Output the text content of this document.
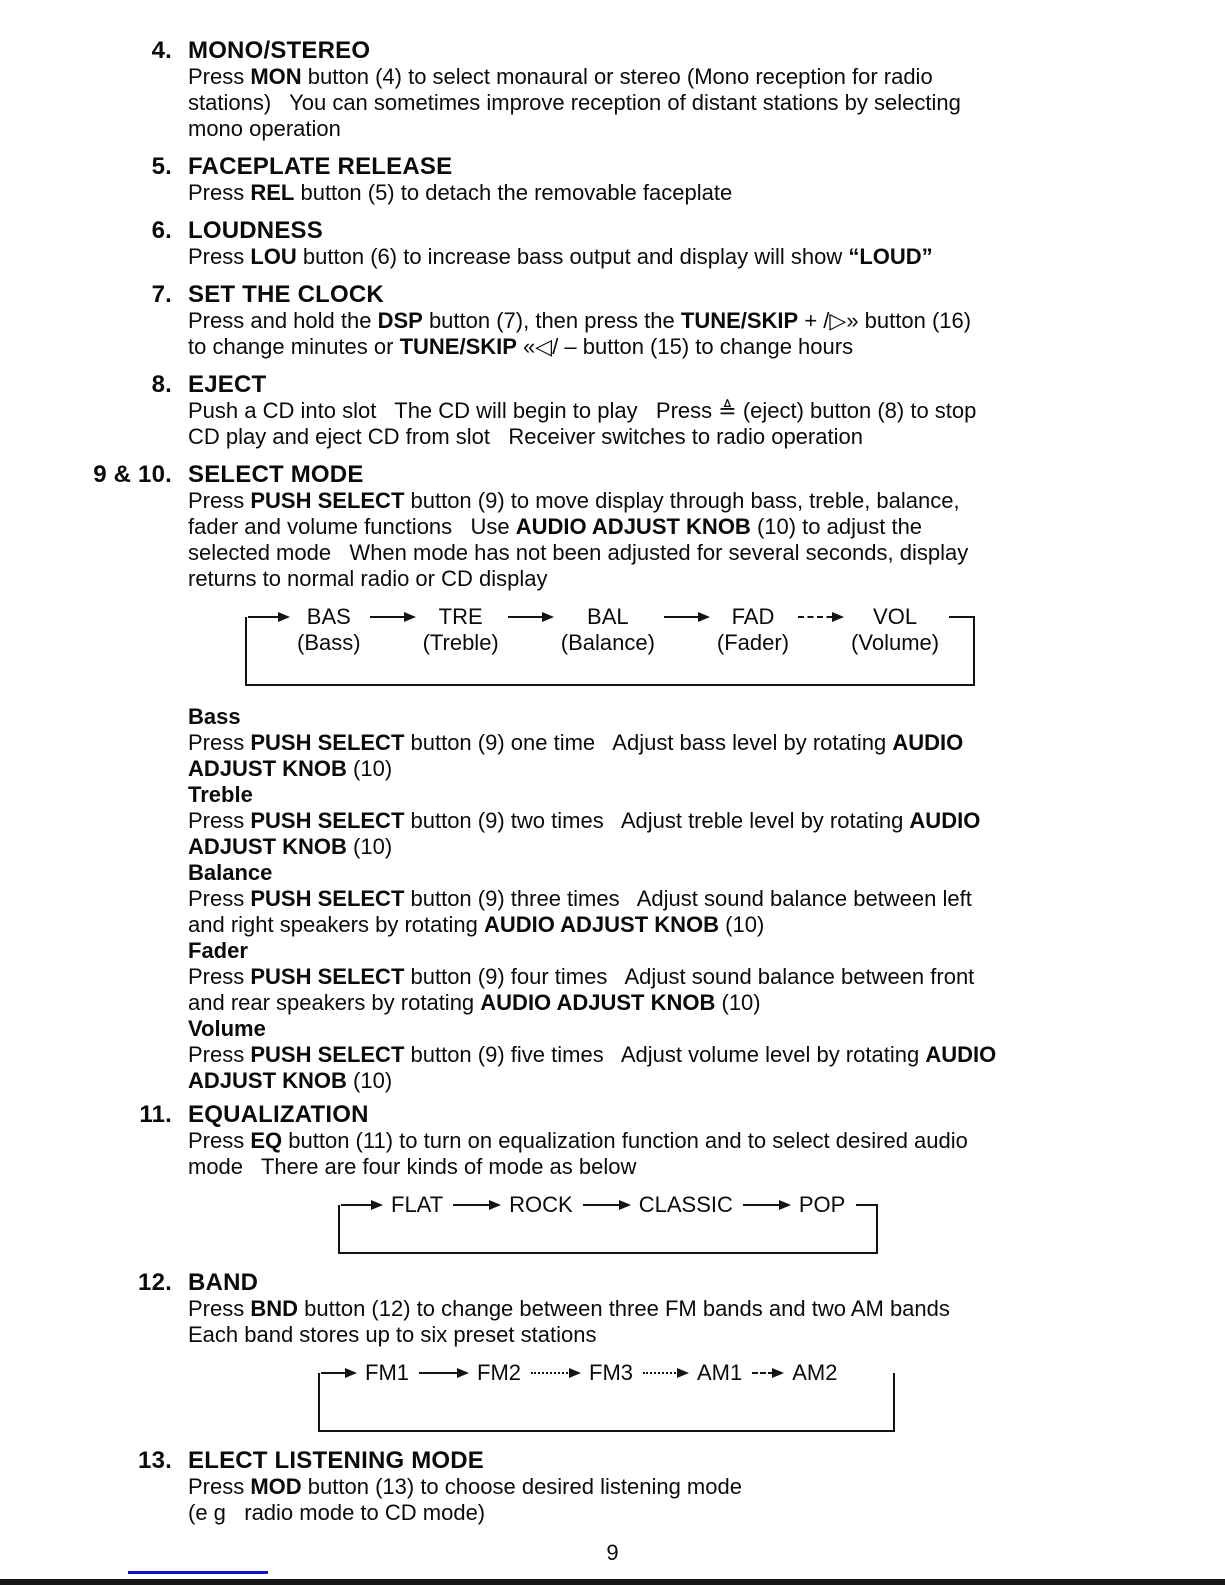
4. MONO/STEREO
Press MON button (4) to select monaural or stereo (Mono reception for radio
stations)   You can sometimes improve reception of distant stations by selecting
mono operation
5. FACEPLATE RELEASE
Press REL button (5) to detach the removable faceplate
6. LOUDNESS
Press LOU button (6) to increase bass output and display will show “LOUD”
7. SET THE CLOCK
Press and hold the DSP button (7), then press the TUNE/SKIP + /▷» button (16)
to change minutes or TUNE/SKIP «◁/ – button (15) to change hours
8. EJECT
Push a CD into slot   The CD will begin to play   Press ≜ (eject) button (8) to stop
CD play and eject CD from slot   Receiver switches to radio operation
9 & 10. SELECT MODE
Press PUSH SELECT button (9) to move display through bass, treble, balance,
fader and volume functions   Use AUDIO ADJUST KNOB (10) to adjust the
selected mode   When mode has not been adjusted for several seconds, display
returns to normal radio or CD display
BAS
(Bass)
TRE
(Treble)
BAL
(Balance)
FAD
(Fader)
VOL
(Volume)
Bass
Press PUSH SELECT button (9) one time   Adjust bass level by rotating AUDIO
ADJUST KNOB (10)
Treble
Press PUSH SELECT button (9) two times   Adjust treble level by rotating AUDIO
ADJUST KNOB (10)
Balance
Press PUSH SELECT button (9) three times   Adjust sound balance between left
and right speakers by rotating AUDIO ADJUST KNOB (10)
Fader
Press PUSH SELECT button (9) four times   Adjust sound balance between front
and rear speakers by rotating AUDIO ADJUST KNOB (10)
Volume
Press PUSH SELECT button (9) five times   Adjust volume level by rotating AUDIO
ADJUST KNOB (10)
11. EQUALIZATION
Press EQ button (11) to turn on equalization function and to select desired audio
mode   There are four kinds of mode as below
FLAT	ROCK	CLASSIC	POP
12. BAND
Press BND button (12) to change between three FM bands and two AM bands
Each band stores up to six preset stations
FM1	FM2	FM3	AM1	AM2
13. ELECT LISTENING MODE
Press MOD button (13) to choose desired listening mode
(e g   radio mode to CD mode)
9
